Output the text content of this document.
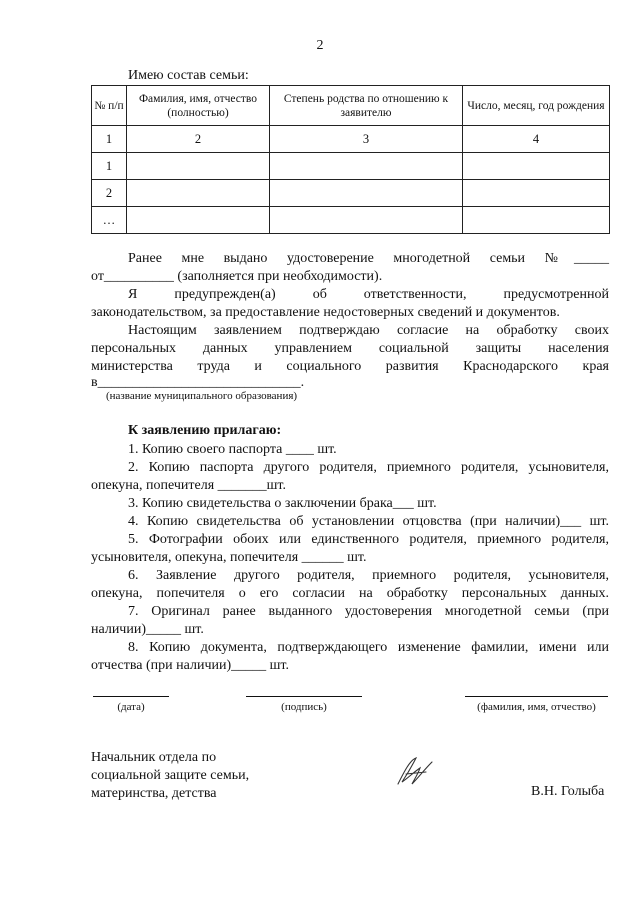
2
Имею состав семьи:
№ п/п	Фамилия, имя, отчество (полностью)	Степень родства по отношению к заявителю	Число, месяц, год рождения
1	2	3	4
1			
2			
…			
Ранее мне выдано удостоверение многодетной семьи №_____
от__________ (заполняется при необходимости).
Я предупрежден(а) об ответственности, предусмотренной
законодательством, за предоставление недостоверных сведений и документов.
Настоящим заявлением подтверждаю согласие на обработку своих
персональных данных управлением социальной защиты населения
министерства труда и социального развития Краснодарского края
в_____________________________.
(название муниципального образования)
К заявлению прилагаю:
1. Копию своего паспорта ____ шт.
2. Копию паспорта другого родителя, приемного родителя, усыновителя,
опекуна, попечителя _______шт.
3. Копию свидетельства о заключении брака___ шт.
4. Копию свидетельства об установлении отцовства (при наличии)___ шт.
5. Фотографии обоих или единственного родителя, приемного родителя,
усыновителя, опекуна, попечителя ______ шт.
6. Заявление другого родителя, приемного родителя, усыновителя,
опекуна, попечителя о его согласии на обработку персональных данных.
7. Оригинал ранее выданного удостоверения многодетной семьи (при
наличии)_____ шт.
8. Копию документа, подтверждающего изменение фамилии, имени или
отчества (при наличии)_____ шт.
(дата)	(подпись)	(фамилия, имя, отчество)
Начальник отдела по
социальной защите семьи,
материнства, детства	В.Н. Голыба
